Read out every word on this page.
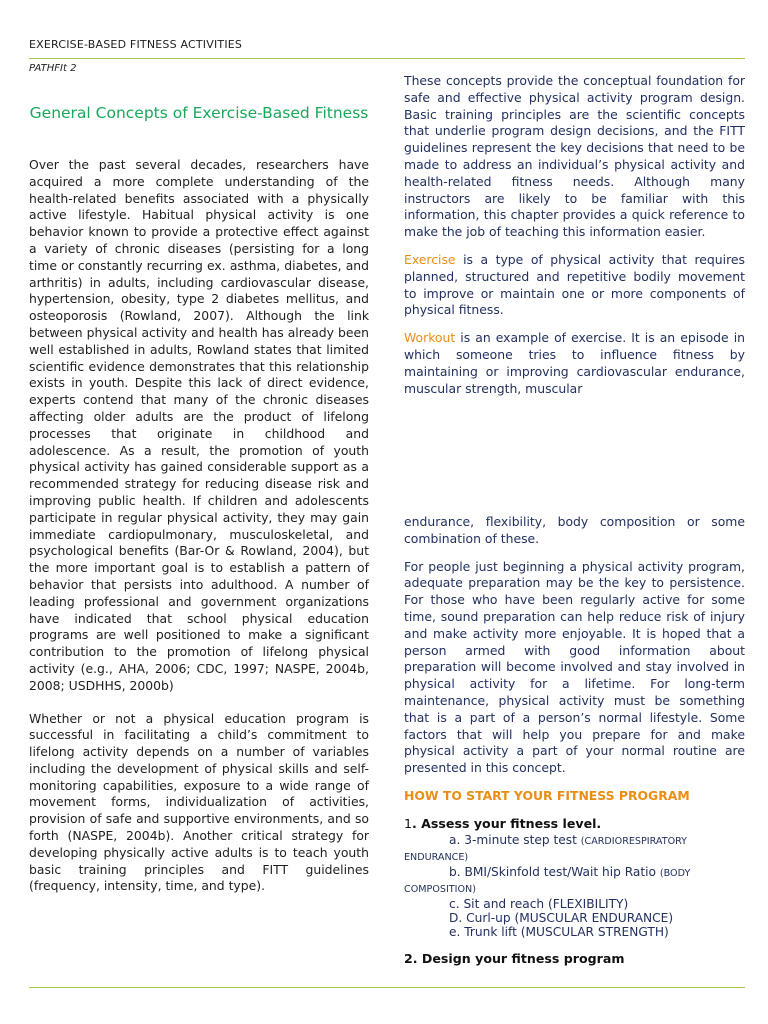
EXERCISE-BASED FITNESS ACTIVITIES
PATHFIt 2
General Concepts of Exercise-Based Fitness

Over the past several decades, researchers have acquired a more complete understanding of the health-related benefits associated with a physically active lifestyle. Habitual physical activity is one behavior known to provide a protective effect against a variety of chronic diseases (persisting for a long time or constantly recurring ex. asthma, diabetes, and arthritis) in adults, including cardiovascular disease, hypertension, obesity, type 2 diabetes mellitus, and osteoporosis (Rowland, 2007). Although the link between physical activity and health has already been well established in adults, Rowland states that limited scientific evidence demonstrates that this relationship exists in youth. Despite this lack of direct evidence, experts contend that many of the chronic diseases affecting older adults are the product of lifelong processes that originate in childhood and adolescence. As a result, the promotion of youth physical activity has gained considerable support as a recommended strategy for reducing disease risk and improving public health. If children and adolescents participate in regular physical activity, they may gain immediate cardiopulmonary, musculoskeletal, and psychological benefits (Bar-Or & Rowland, 2004), but the more important goal is to establish a pattern of behavior that persists into adulthood. A number of leading professional and government organizations have indicated that school physical education programs are well positioned to make a significant contribution to the promotion of lifelong physical activity (e.g., AHA, 2006; CDC, 1997; NASPE, 2004b, 2008; USDHHS, 2000b)

Whether or not a physical education program is successful in facilitating a child’s commitment to lifelong activity depends on a number of variables including the development of physical skills and self-monitoring capabilities, exposure to a wide range of movement forms, individualization of activities, provision of safe and supportive environments, and so forth (NASPE, 2004b). Another critical strategy for developing physically active adults is to teach youth basic training principles and FITT guidelines (frequency, intensity, time, and type).

These concepts provide the conceptual foundation for safe and effective physical activity program design. Basic training principles are the scientific concepts that underlie program design decisions, and the FITT guidelines represent the key decisions that need to be made to address an individual’s physical activity and health-related fitness needs. Although many instructors are likely to be familiar with this information, this chapter provides a quick reference to make the job of teaching this information easier.

Exercise is a type of physical activity that requires planned, structured and repetitive bodily movement to improve or maintain one or more components of physical fitness.

Workout is an example of exercise. It is an episode in which someone tries to influence fitness by maintaining or improving cardiovascular endurance, muscular strength, muscular

endurance, flexibility, body composition or some combination of these.

For people just beginning a physical activity program, adequate preparation may be the key to persistence. For those who have been regularly active for some time, sound preparation can help reduce risk of injury and make activity more enjoyable. It is hoped that a person armed with good information about preparation will become involved and stay involved in physical activity for a lifetime. For long-term maintenance, physical activity must be something that is a part of a person’s normal lifestyle. Some factors that will help you prepare for and make physical activity a part of your normal routine are presented in this concept.

HOW TO START YOUR FITNESS PROGRAM

1. Assess your fitness level.
a. 3-minute step test (CARDIORESPIRATORY ENDURANCE)
b. BMI/Skinfold test/Wait hip Ratio (BODY COMPOSITION)
c. Sit and reach (FLEXIBILITY)
D. Curl-up (MUSCULAR ENDURANCE)
e. Trunk lift (MUSCULAR STRENGTH)
2. Design your fitness program
